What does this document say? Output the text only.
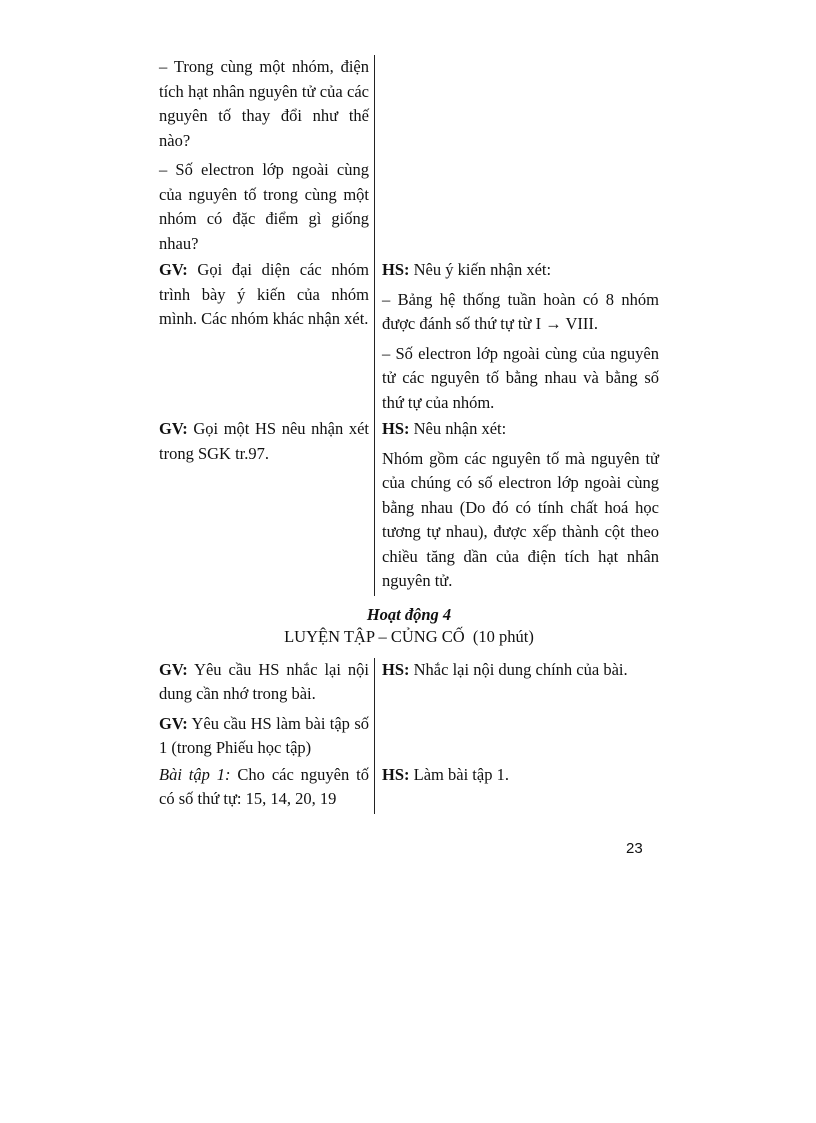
– Trong cùng một nhóm, điện tích hạt nhân nguyên tử của các nguyên tố thay đổi như thế nào?

– Số electron lớp ngoài cùng của nguyên tố trong cùng một nhóm có đặc điểm gì giống nhau?

GV: Gọi đại diện các nhóm trình bày ý kiến của nhóm mình. Các nhóm khác nhận xét.

HS: Nêu ý kiến nhận xét:

– Bảng hệ thống tuần hoàn có 8 nhóm được đánh số thứ tự từ I → VIII.

– Số electron lớp ngoài cùng của nguyên tử các nguyên tố bằng nhau và bằng số thứ tự của nhóm.

GV: Gọi một HS nêu nhận xét trong SGK tr.97.

HS: Nêu nhận xét:

Nhóm gồm các nguyên tố mà nguyên tử của chúng có số electron lớp ngoài cùng bằng nhau (Do đó có tính chất hoá học tương tự nhau), được xếp thành cột theo chiều tăng dần của điện tích hạt nhân nguyên tử.

Hoạt động 4
LUYỆN TẬP – CỦNG CỐ  (10 phút)

GV: Yêu cầu HS nhắc lại nội dung cần nhớ trong bài.

GV: Yêu cầu HS làm bài tập số 1 (trong Phiếu học tập)

HS: Nhắc lại nội dung chính của bài.

Bài tập 1: Cho các nguyên tố có số thứ tự: 15, 14, 20, 19

HS: Làm bài tập 1.

23
